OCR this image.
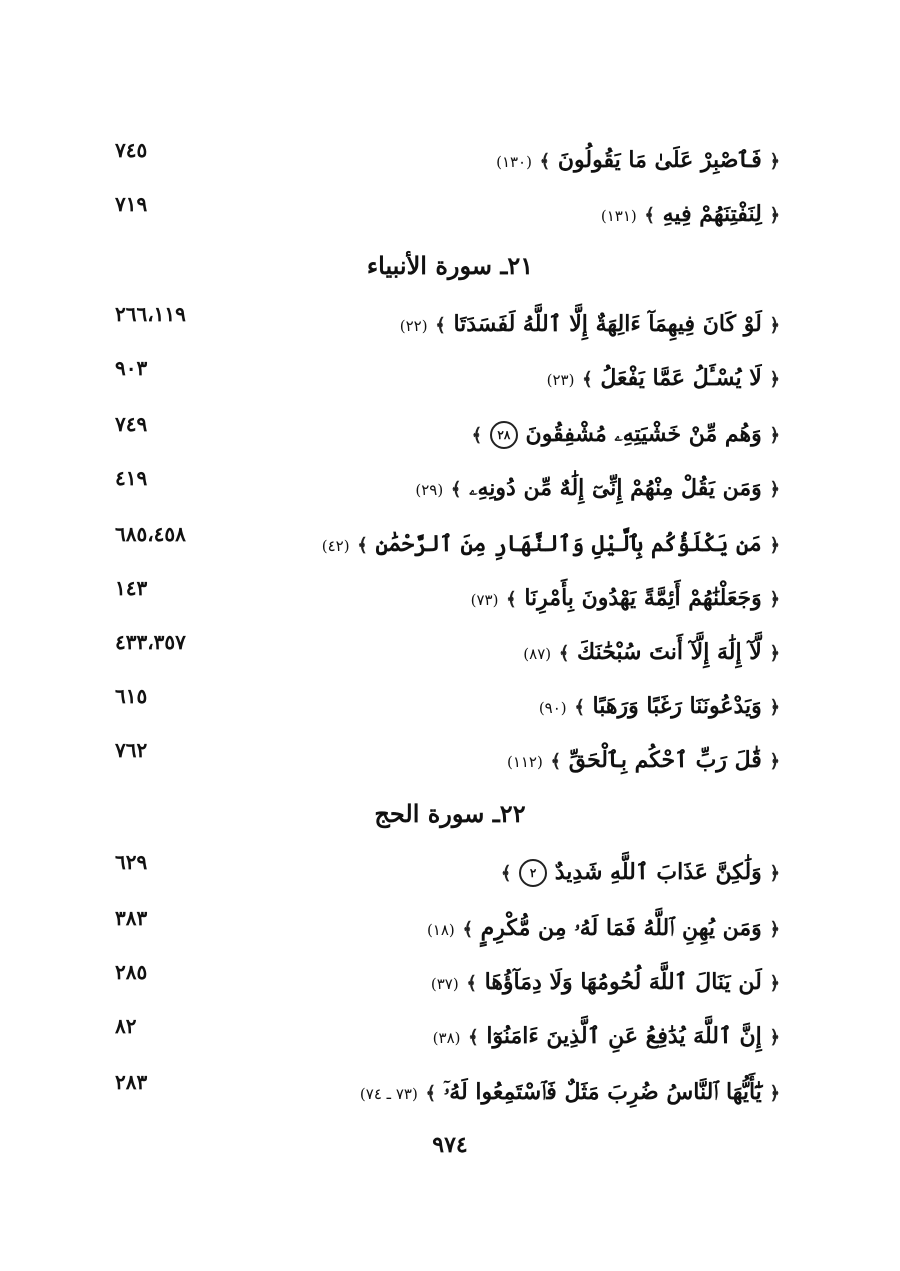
﴿ فَٱصْبِرْ عَلَىٰ مَا يَقُولُونَ ﴾ (١٣٠)
٧٤٥
﴿ لِنَفْتِنَهُمْ فِيهِ ﴾ (١٣١)
٧١٩
٢١ـ سورة الأنبياء
﴿ لَوْ كَانَ فِيهِمَآ ءَالِهَةٌ إِلَّا ٱللَّهُ لَفَسَدَتَا ﴾ (٢٢)
٢٦٦،١١٩
﴿ لَا يُسْـَٔلُ عَمَّا يَفْعَلُ ﴾ (٢٣)
٩٠٣
﴿ وَهُم مِّنْ خَشْيَتِهِۦ مُشْفِقُونَ ٢٨ ﴾
٧٤٩
﴿ وَمَن يَقُلْ مِنْهُمْ إِنِّىٓ إِلَٰهٌ مِّن دُونِهِۦ ﴾ (٢٩)
٤١٩
﴿ مَن يَكْلَؤُكُم بِٱلَّيْلِ وَٱلنَّهَارِ مِنَ ٱلرَّحْمَٰنِ ﴾ (٤٢)
٦٨٥،٤٥٨
﴿ وَجَعَلْنَٰهُمْ أَئِمَّةً يَهْدُونَ بِأَمْرِنَا ﴾ (٧٣)
١٤٣
﴿ لَّآ إِلَٰهَ إِلَّآ أَنتَ سُبْحَٰنَكَ ﴾ (٨٧)
٤٣٣،٣٥٧
﴿ وَيَدْعُونَنَا رَغَبًا وَرَهَبًا ﴾ (٩٠)
٦١٥
﴿ قَٰلَ رَبِّ ٱحْكُم بِٱلْحَقِّ ﴾ (١١٢)
٧٦٢
٢٢ـ سورة الحج
﴿ وَلَٰكِنَّ عَذَابَ ٱللَّهِ شَدِيدٌ ٢ ﴾
٦٢٩
﴿ وَمَن يُهِنِ ٱللَّهُ فَمَا لَهُۥ مِن مُّكْرِمٍ ﴾ (١٨)
٣٨٣
﴿ لَن يَنَالَ ٱللَّهَ لُحُومُهَا وَلَا دِمَآؤُهَا ﴾ (٣٧)
٢٨٥
﴿ إِنَّ ٱللَّهَ يُدَٰفِعُ عَنِ ٱلَّذِينَ ءَامَنُوٓا ﴾ (٣٨)
٨٢
﴿ يَٰٓأَيُّهَا ٱلنَّاسُ ضُرِبَ مَثَلٌ فَٱسْتَمِعُوا لَهُۥٓ ﴾ (٧٣ ـ ٧٤)
٢٨٣
٩٧٤
